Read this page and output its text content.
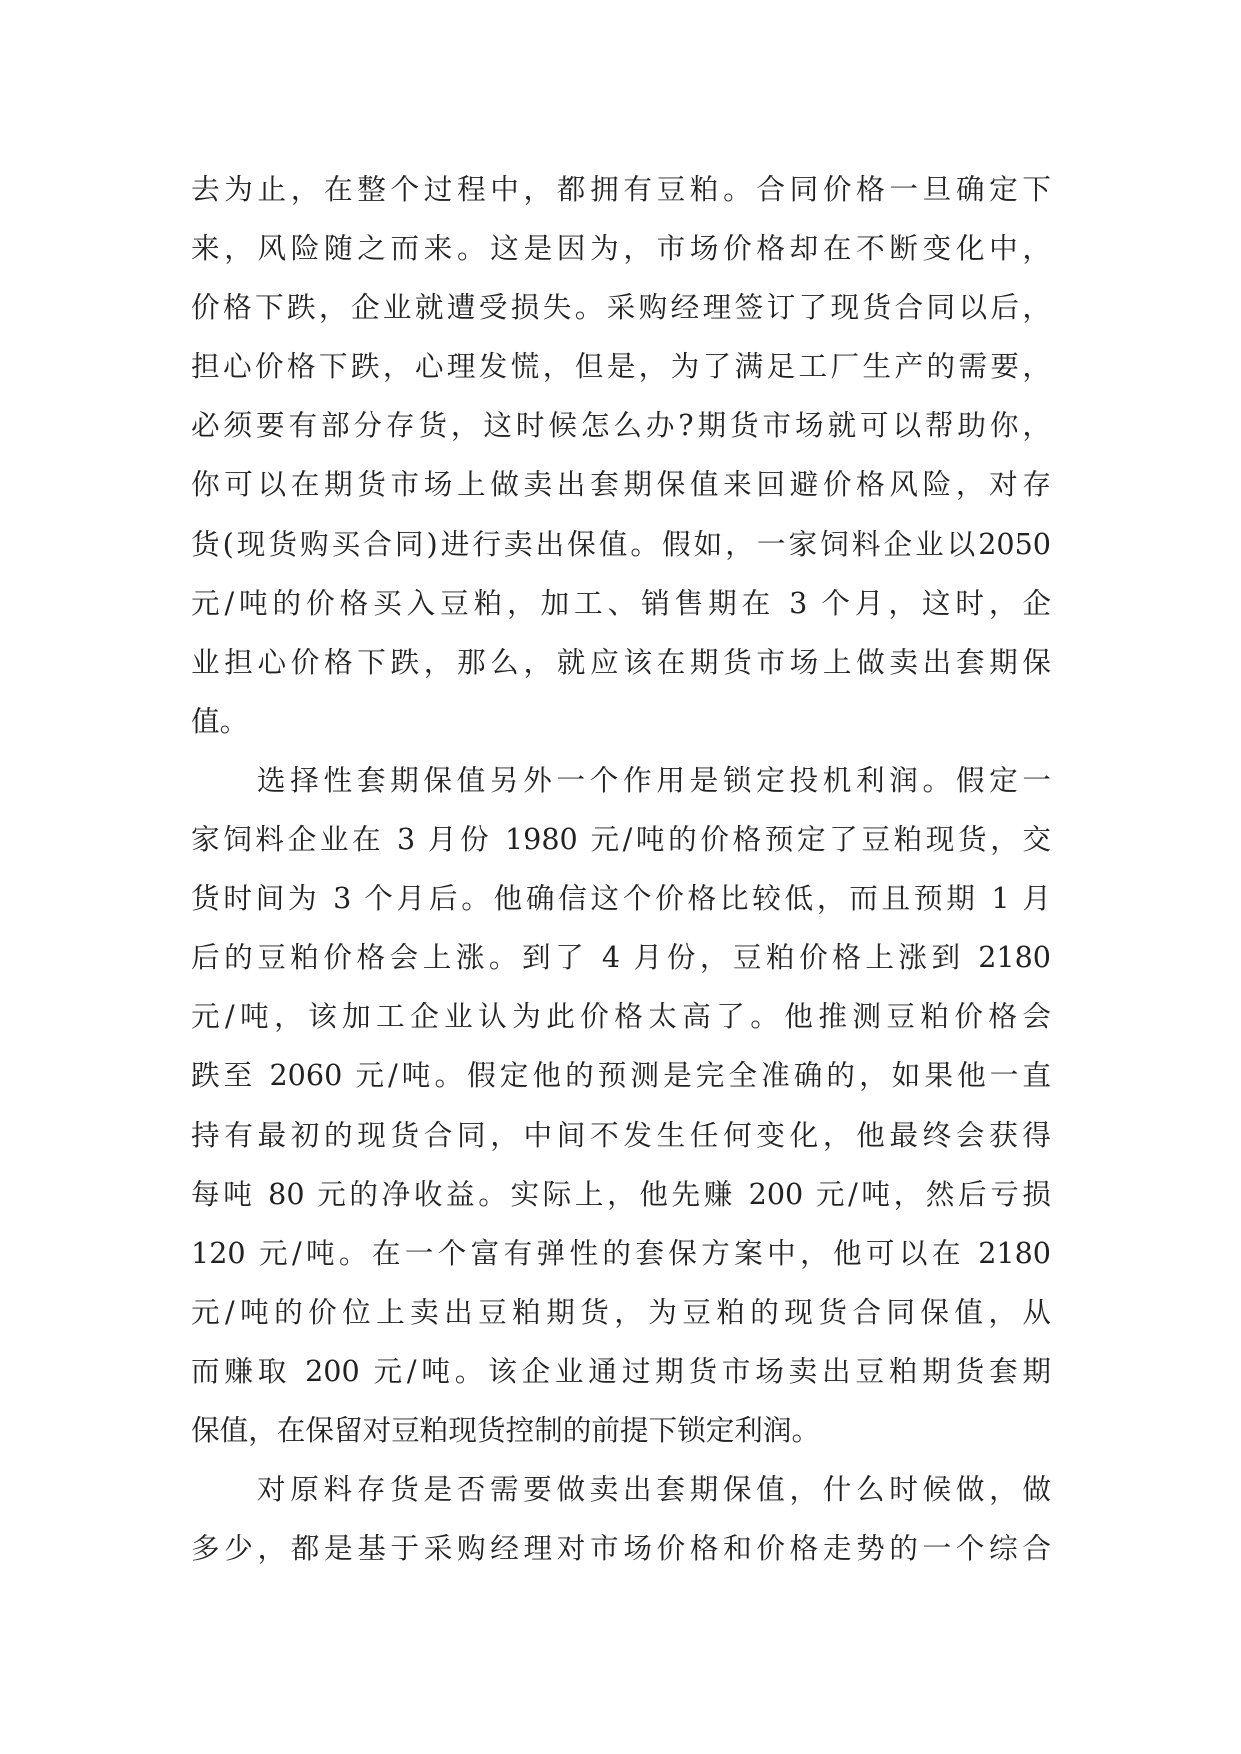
去为止，在整个过程中，都拥有豆粕。合同价格一旦确定下
来，风险随之而来。这是因为，市场价格却在不断变化中，
价格下跌，企业就遭受损失。采购经理签订了现货合同以后，
担心价格下跌，心理发慌，但是，为了满足工厂生产的需要，
必须要有部分存货，这时候怎么办?期货市场就可以帮助你，
你可以在期货市场上做卖出套期保值来回避价格风险，对存
货(现货购买合同)进行卖出保值。假如，一家饲料企业以2050
元/吨的价格买入豆粕，加工、销售期在 3 个月，这时，企
业担心价格下跌，那么，就应该在期货市场上做卖出套期保
值。
选择性套期保值另外一个作用是锁定投机利润。假定一
家饲料企业在 3 月份 1980 元/吨的价格预定了豆粕现货，交
货时间为 3 个月后。他确信这个价格比较低，而且预期 1 月
后的豆粕价格会上涨。到了 4 月份，豆粕价格上涨到 2180
元/吨，该加工企业认为此价格太高了。他推测豆粕价格会
跌至 2060 元/吨。假定他的预测是完全准确的，如果他一直
持有最初的现货合同，中间不发生任何变化，他最终会获得
每吨 80 元的净收益。实际上，他先赚 200 元/吨，然后亏损
120 元/吨。在一个富有弹性的套保方案中，他可以在 2180
元/吨的价位上卖出豆粕期货，为豆粕的现货合同保值，从
而赚取 200 元/吨。该企业通过期货市场卖出豆粕期货套期
保值，在保留对豆粕现货控制的前提下锁定利润。
对原料存货是否需要做卖出套期保值，什么时候做，做
多少，都是基于采购经理对市场价格和价格走势的一个综合
